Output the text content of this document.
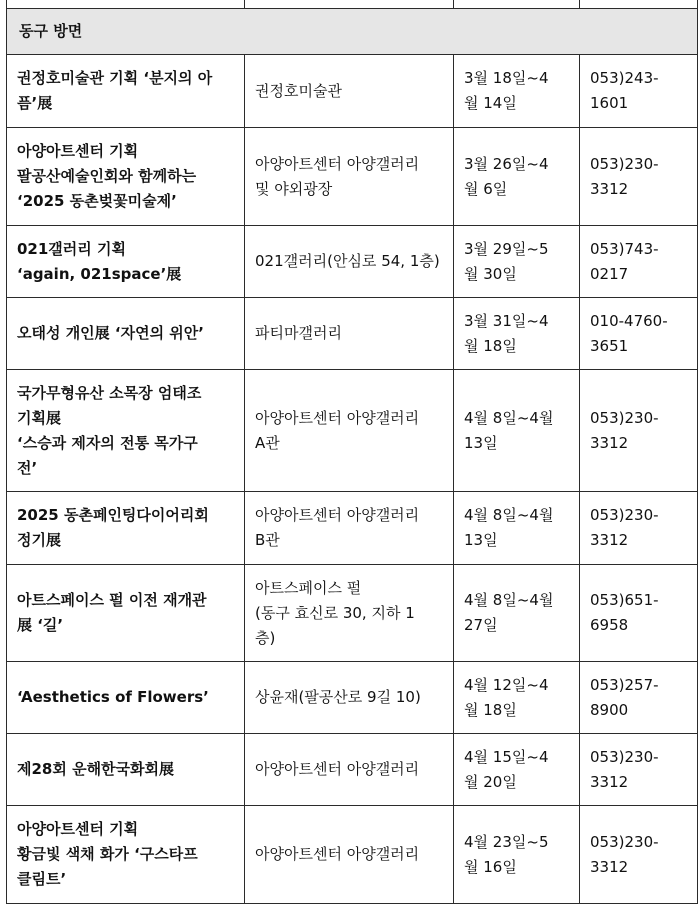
동구 방면			

권정호미술관 기획 ‘분지의 아
픔’展	권정호미술관	3월 18일~4
월 14일	053)243-
1601

아양아트센터 기획
팔공산예술인회와 함께하는
‘2025 동촌벚꽃미술제’	아양아트센터 아양갤러리
및 야외광장	3월 26일~4
월 6일	053)230-
3312

021갤러리 기획
‘again, 021space’展	021갤러리(안심로 54, 1층)	3월 29일~5
월 30일	053)743-
0217

오태성 개인展 ‘자연의 위안’	파티마갤러리	3월 31일~4
월 18일	010-4760-
3651

국가무형유산 소목장 엄태조
기획展
‘스승과 제자의 전통 목가구
전’	아양아트센터 아양갤러리
A관	4월 8일~4월
13일	053)230-
3312

2025 동촌페인팅다이어리회
정기展	아양아트센터 아양갤러리
B관	4월 8일~4월
13일	053)230-
3312

아트스페이스 펄 이전 재개관
展 ‘길’	아트스페이스 펄
(동구 효신로 30, 지하 1
층)	4월 8일~4월
27일	053)651-
6958

‘Aesthetics of Flowers’	상윤재(팔공산로 9길 10)	4월 12일~4
월 18일	053)257-
8900

제28회 운해한국화회展	아양아트센터 아양갤러리	4월 15일~4
월 20일	053)230-
3312

아양아트센터 기획
황금빛 색채 화가 ‘구스타프
클림트’	아양아트센터 아양갤러리	4월 23일~5
월 16일	053)230-
3312
